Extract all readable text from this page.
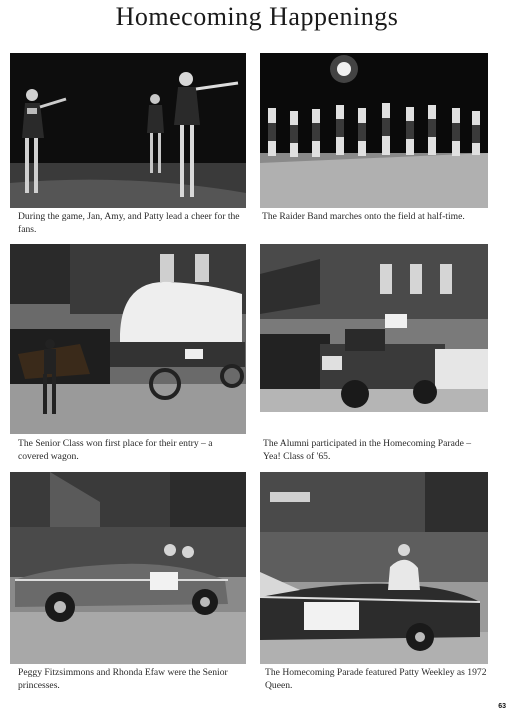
Homecoming Happenings
During the game, Jan, Amy, and Patty lead a cheer for the fans.
The Raider Band marches onto the field at half-time.
The Senior Class won first place for their entry – a covered wagon.
The Alumni participated in the Homecoming Parade – Yea! Class of '65.
Peggy Fitzsimmons and Rhonda Efaw were the Senior princesses.
The Homecoming Parade featured Patty Weekley as 1972 Queen.
63
